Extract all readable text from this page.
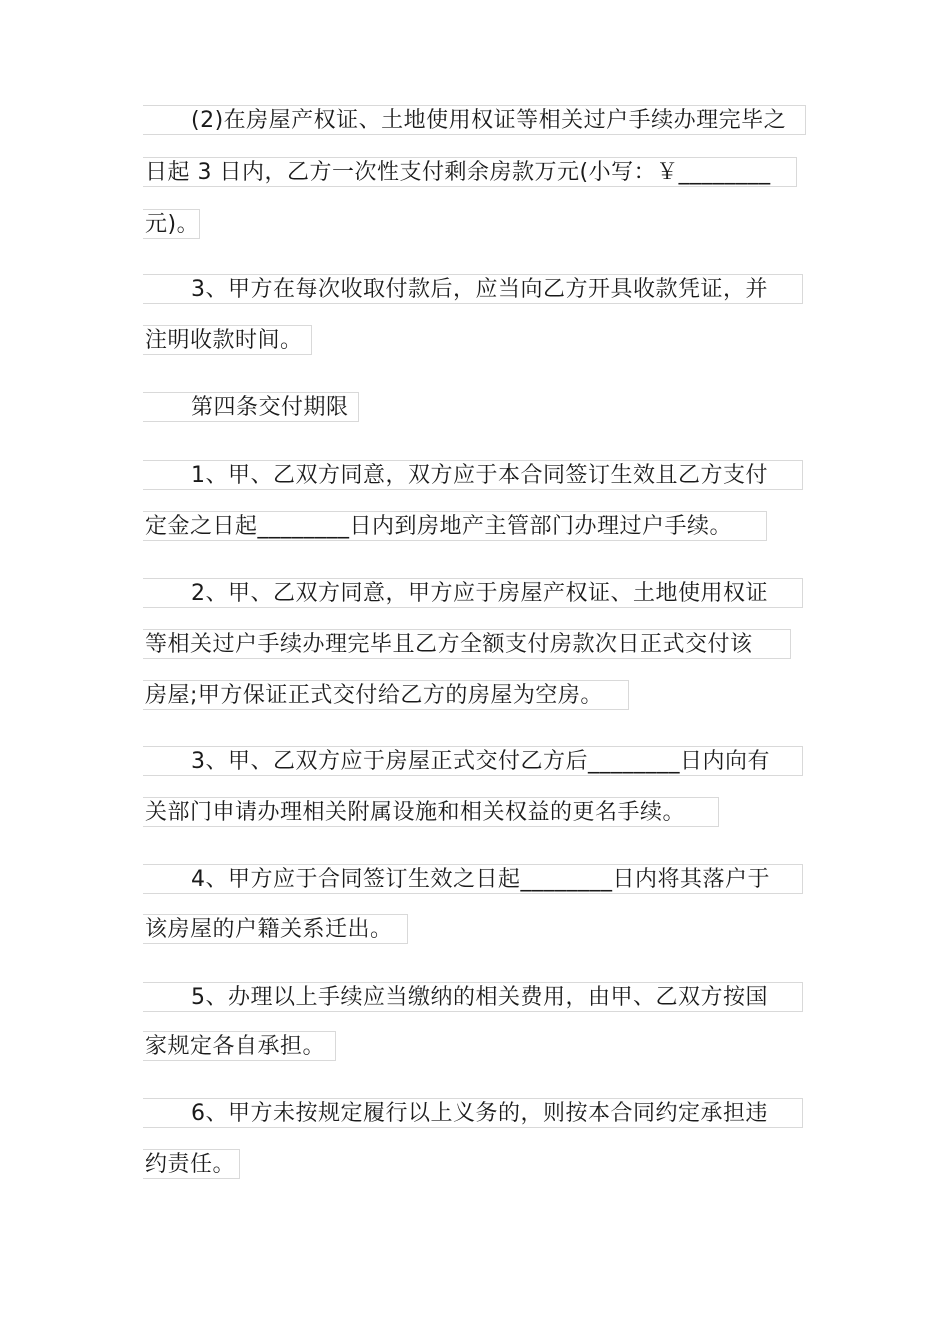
(2)在房屋产权证、土地使用权证等相关过户手续办理完毕之
日起 3 日内，乙方一次性支付剩余房款万元(小写：￥________
元)。
3、甲方在每次收取付款后，应当向乙方开具收款凭证，并
注明收款时间。
第四条交付期限
1、甲、乙双方同意，双方应于本合同签订生效且乙方支付
定金之日起________日内到房地产主管部门办理过户手续。
2、甲、乙双方同意，甲方应于房屋产权证、土地使用权证
等相关过户手续办理完毕且乙方全额支付房款次日正式交付该
房屋;甲方保证正式交付给乙方的房屋为空房。
3、甲、乙双方应于房屋正式交付乙方后________日内向有
关部门申请办理相关附属设施和相关权益的更名手续。
4、甲方应于合同签订生效之日起________日内将其落户于
该房屋的户籍关系迁出。
5、办理以上手续应当缴纳的相关费用，由甲、乙双方按国
家规定各自承担。
6、甲方未按规定履行以上义务的，则按本合同约定承担违
约责任。
